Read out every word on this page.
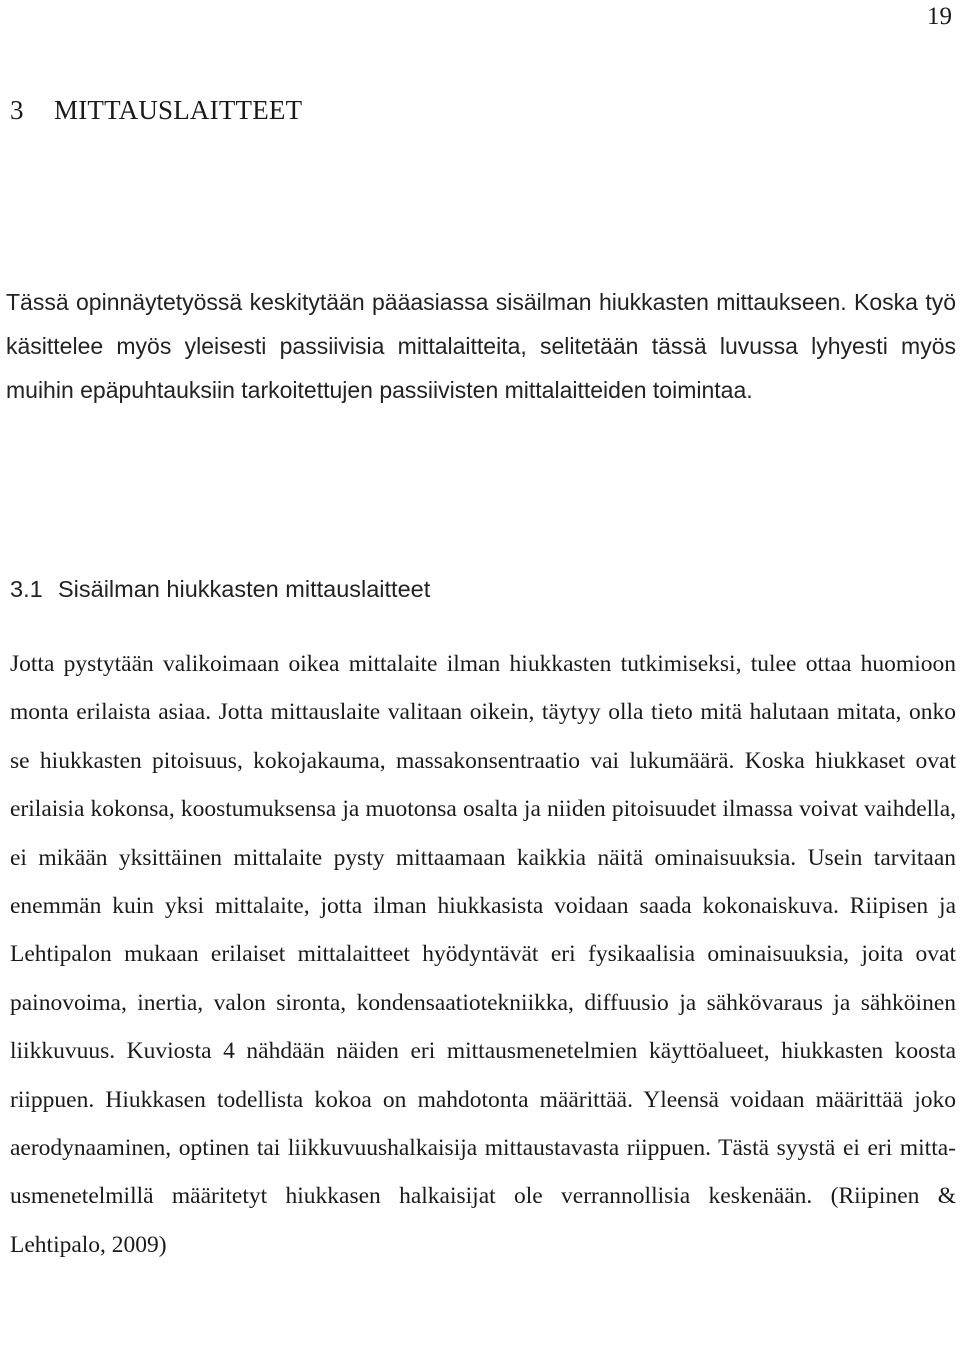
19
3 MITTAUSLAITTEET

Tässä opinnäytetyössä keskitytään pääasiassa sisäilman hiukkasten mittaukseen. Koska työ käsittelee myös yleisesti passiivisia mittalaitteita, selitetään tässä luvussa lyhyesti myös muihin epäpuhtauksiin tarkoitettujen passiivisten mittalaitteiden toimintaa.

3.1 Sisäilman hiukkasten mittauslaitteet

Jotta pystytään valikoimaan oikea mittalaite ilman hiukkasten tutkimiseksi, tulee ottaa huomioon monta erilaista asiaa. Jotta mittauslaite valitaan oikein, täytyy olla tieto mitä halutaan mitata, onko se hiukkasten pitoisuus, kokojakauma, massakonsentraatio vai lukumäärä. Koska hiukkaset ovat erilaisia kokonsa, koostumuksensa ja muotonsa osalta ja niiden pitoisuudet ilmassa voivat vaihdella, ei mikään yksittäinen mittalaite pysty mittaamaan kaikkia näitä ominaisuuksia. Usein tarvitaan enemmän kuin yksi mittalaite, jotta ilman hiukkasista voidaan saada kokonaiskuva. Riipisen ja Lehtipalon mukaan erilaiset mittalaitteet hyödyntävät eri fysikaalisia ominaisuuksia, joita ovat painovoima, inertia, valon sironta, kondensaatiotekniikka, diffuusio ja sähkövaraus ja sähköinen liikkuvuus. Kuviosta 4 nähdään näiden eri mittausmenetelmien käyttöalueet, hiukkasten koosta riippuen. Hiukkasen todellista kokoa on mahdotonta määrittää. Yleensä voidaan määrittää joko aerodynaaminen, optinen tai liikkuvuushalkaisija mittaustavasta riippuen. Tästä syystä ei eri mittausmenetelmillä määritetyt hiukkasen halkaisijat ole verrannollisia keskenään. (Riipinen & Lehtipalo, 2009)
